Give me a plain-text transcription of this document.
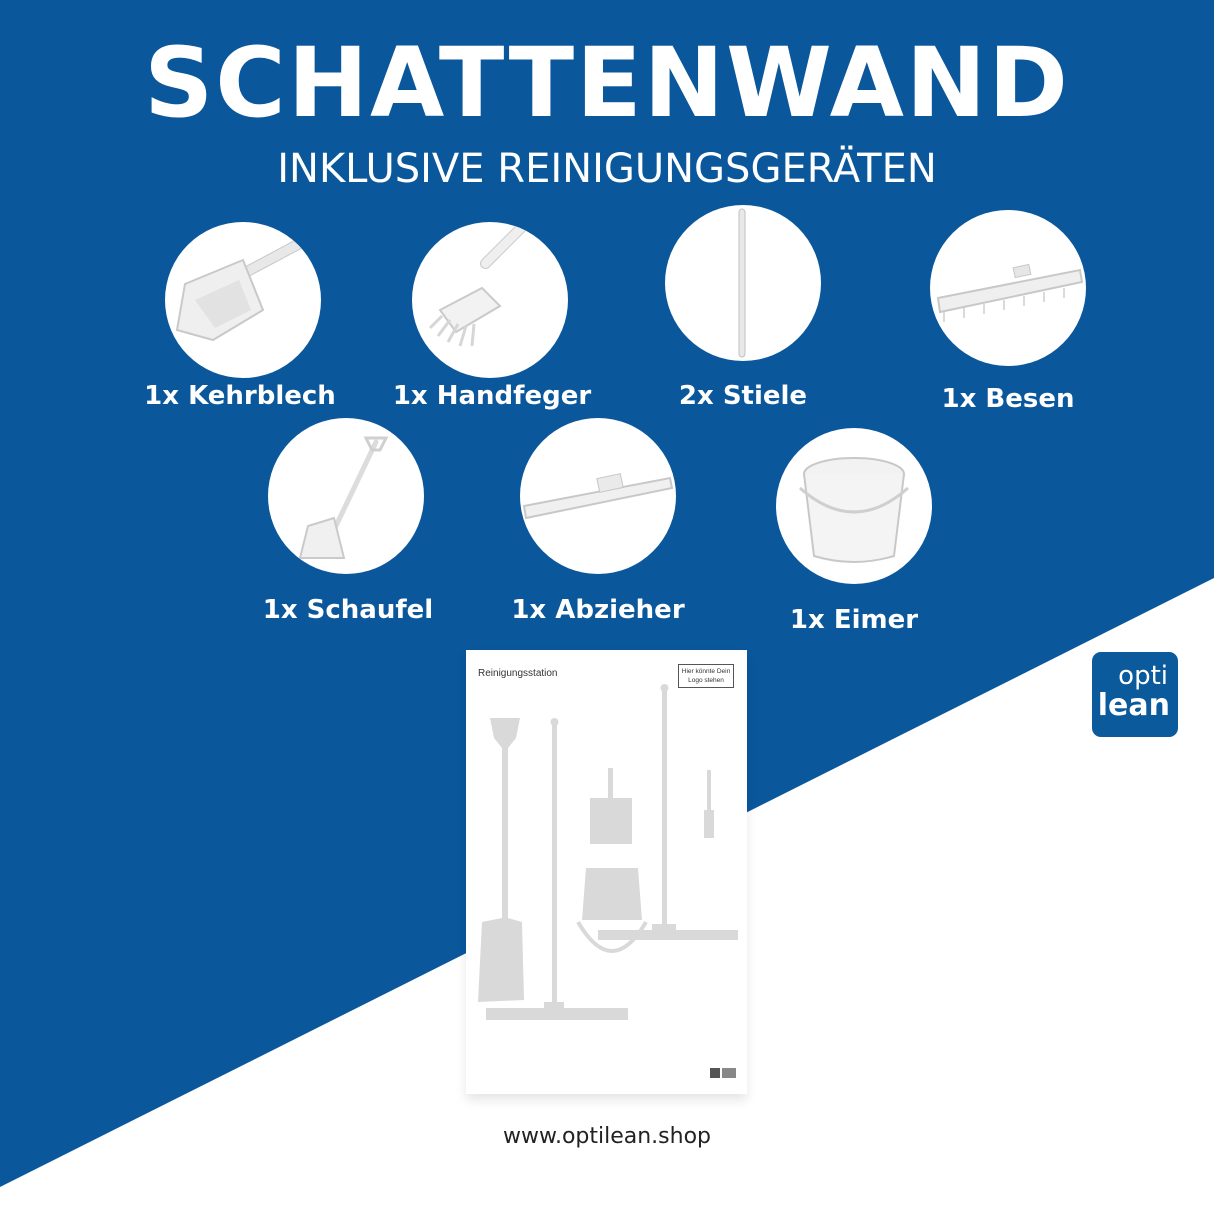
SCHATTENWAND
INKLUSIVE REINIGUNGSGERÄTEN
1x Kehrblech	1x Handfeger	2x Stiele	1x Besen
1x Schaufel	1x Abzieher	1x Eimer
Reinigungsstation	Hier könnte Dein Logo stehen	opti
lean
www.optilean.shop
